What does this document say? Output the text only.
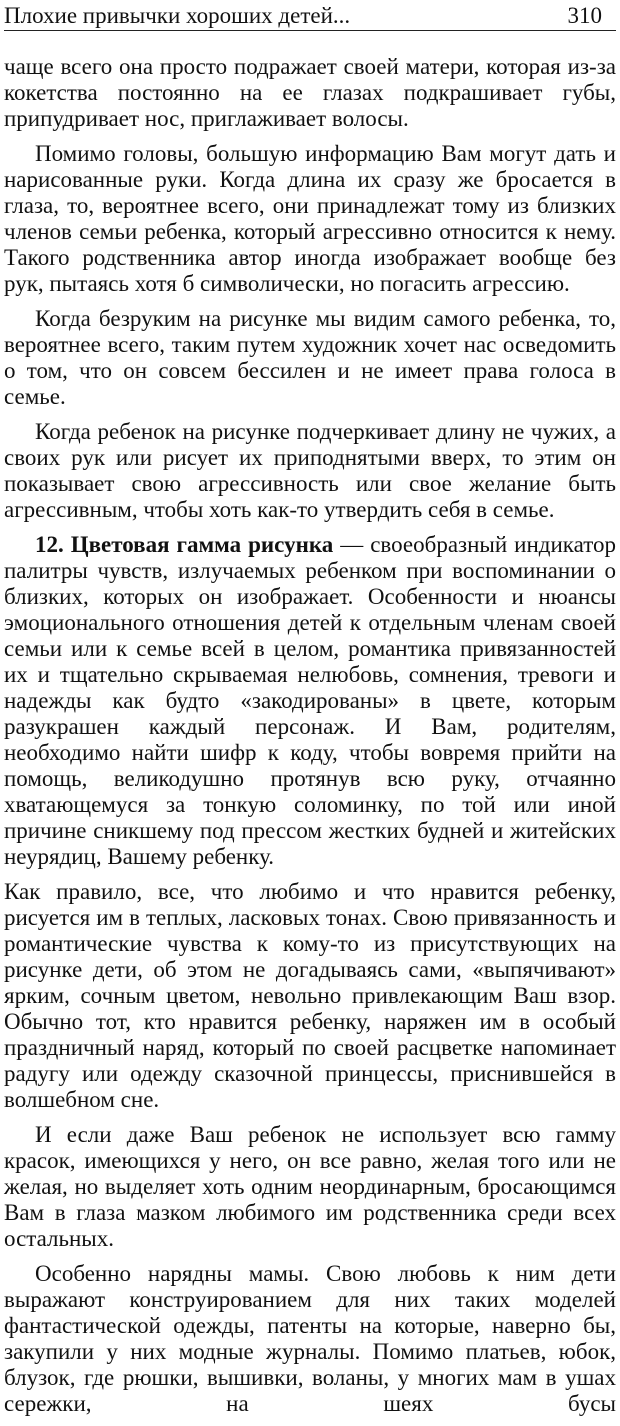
Плохие привычки хороших детей...	310

чаще всего она просто подражает своей матери, которая из-за кокетства постоянно на ее глазах подкрашивает губы, припудривает нос, приглаживает волосы.

Помимо головы, большую информацию Вам могут дать и нарисованные руки. Когда длина их сразу же бросается в глаза, то, вероятнее всего, они принадлежат тому из близких членов семьи ребенка, который агрессивно относится к нему. Такого родственника автор иногда изображает вообще без рук, пытаясь хотя б символически, но погасить агрессию.

Когда безруким на рисунке мы видим самого ребенка, то, вероятнее всего, таким путем художник хочет нас осведомить о том, что он совсем бессилен и не имеет права голоса в семье.

Когда ребенок на рисунке подчеркивает длину не чужих, а своих рук или рисует их приподнятыми вверх, то этим он показывает свою агрессивность или свое желание быть агрессивным, чтобы хоть как-то утвердить себя в семье.

12. Цветовая гамма рисунка — своеобразный индикатор палитры чувств, излучаемых ребенком при воспоминании о близких, которых он изображает. Особенности и нюансы эмоционального отношения детей к отдельным членам своей семьи или к семье всей в целом, романтика привязанностей их и тщательно скрываемая нелюбовь, сомнения, тревоги и надежды как будто «закодированы» в цвете, которым разукрашен каждый персонаж. И Вам, родителям, необходимо найти шифр к коду, чтобы вовремя прийти на помощь, великодушно протянув всю руку, отчаянно хватающемуся за тонкую соломинку, по той или иной причине сникшему под прессом жестких будней и житейских неурядиц, Вашему ребенку.

Как правило, все, что любимо и что нравится ребенку, рисуется им в теплых, ласковых тонах. Свою привязанность и романтические чувства к кому-то из присутствующих на рисунке дети, об этом не догадываясь сами, «выпячивают» ярким, сочным цветом, невольно привлекающим Ваш взор. Обычно тот, кто нравится ребенку, наряжен им в особый праздничный наряд, который по своей расцветке напоминает радугу или одежду сказочной принцессы, приснившейся в волшебном сне.

И если даже Ваш ребенок не использует всю гамму красок, имеющихся у него, он все равно, желая того или не желая, но выделяет хоть одним неординарным, бросающимся Вам в глаза мазком любимого им родственника среди всех остальных.

Особенно нарядны мамы. Свою любовь к ним дети выражают конструированием для них таких моделей фантастической одежды, патенты на которые, наверно бы, закупили у них модные журналы. Помимо платьев, юбок, блузок, где рюшки, вышивки, воланы, у многих мам в ушах сережки, на шеях бусы
